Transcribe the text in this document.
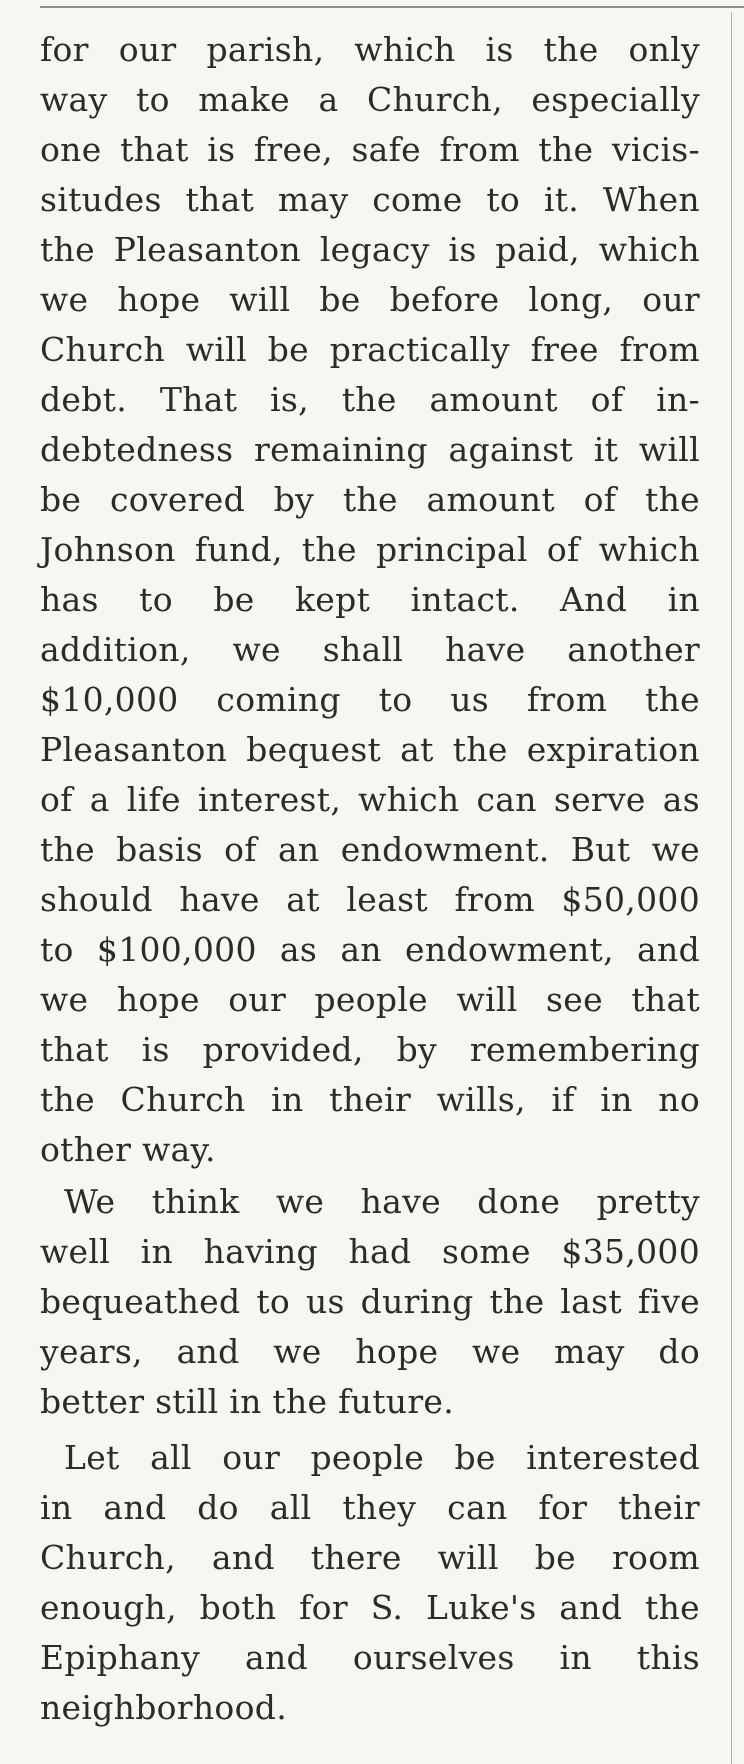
for our parish, which is the only
way to make a Church, especially
one that is free, safe from the vicis-
situdes that may come to it. When
the Pleasanton legacy is paid, which
we hope will be before long, our
Church will be practically free from
debt. That is, the amount of in-
debtedness remaining against it will
be covered by the amount of the
Johnson fund, the principal of which
has to be kept intact. And in
addition, we shall have another
$10,000 coming to us from the
Pleasanton bequest at the expiration
of a life interest, which can serve as
the basis of an endowment. But we
should have at least from $50,000
to $100,000 as an endowment, and
we hope our people will see that
that is provided, by remembering
the Church in their wills, if in no
other way.
We think we have done pretty
well in having had some $35,000
bequeathed to us during the last five
years, and we hope we may do
better still in the future.
Let all our people be interested
in and do all they can for their
Church, and there will be room
enough, both for S. Luke's and the
Epiphany and ourselves in this
neighborhood.
